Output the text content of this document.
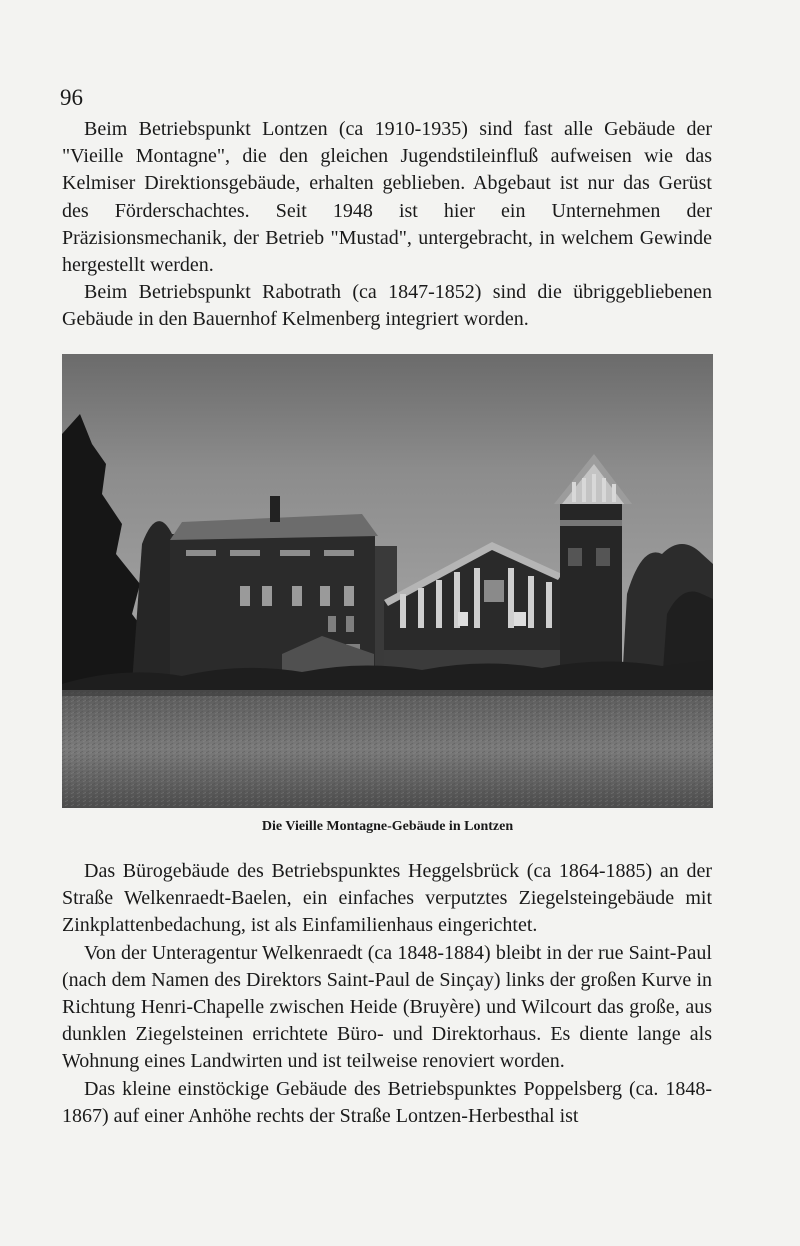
96

Beim Betriebspunkt Lontzen (ca 1910-1935) sind fast alle Gebäude der "Vieille Montagne", die den gleichen Jugendstileinfluß aufweisen wie das Kelmiser Direktionsgebäude, erhalten geblieben. Abgebaut ist nur das Gerüst des Förderschachtes. Seit 1948 ist hier ein Unternehmen der Präzisionsmechanik, der Betrieb "Mustad", untergebracht, in welchem Gewinde hergestellt werden.

Beim Betriebspunkt Rabotrath (ca 1847-1852) sind die übriggebliebenen Gebäude in den Bauernhof Kelmenberg integriert worden.

Die Vieille Montagne-Gebäude in Lontzen

Das Bürogebäude des Betriebspunktes Heggelsbrück (ca 1864-1885) an der Straße Welkenraedt-Baelen, ein einfaches verputztes Ziegelsteingebäude mit Zinkplattenbedachung, ist als Einfamilienhaus eingerichtet.

Von der Unteragentur Welkenraedt (ca 1848-1884) bleibt in der rue Saint-Paul (nach dem Namen des Direktors Saint-Paul de Sinçay) links der großen Kurve in Richtung Henri-Chapelle zwischen Heide (Bruyère) und Wilcourt das große, aus dunklen Ziegelsteinen errichtete Büro- und Direktorhaus. Es diente lange als Wohnung eines Landwirten und ist teilweise renoviert worden.

Das kleine einstöckige Gebäude des Betriebspunktes Poppelsberg (ca. 1848-1867) auf einer Anhöhe rechts der Straße Lontzen-Herbesthal ist
